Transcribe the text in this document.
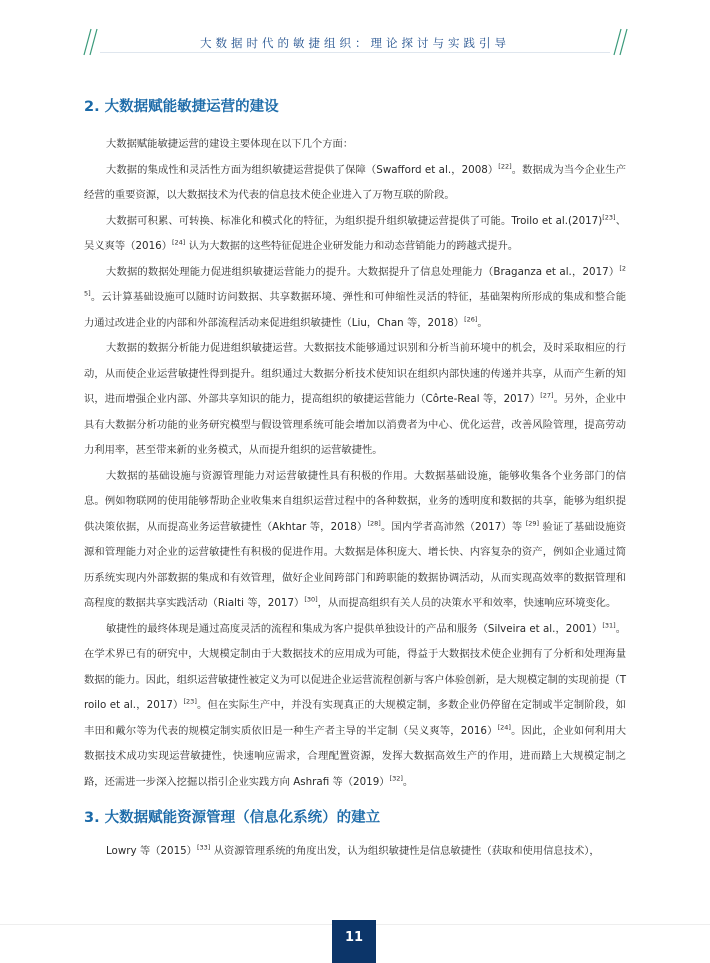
大数据时代的敏捷组织：理论探讨与实践引导
2. 大数据赋能敏捷运营的建设

大数据赋能敏捷运营的建设主要体现在以下几个方面：

大数据的集成性和灵活性方面为组织敏捷运营提供了保障（Swafford et al.，2008）[22]。数据成为当今企业生产经营的重要资源，以大数据技术为代表的信息技术使企业进入了万物互联的阶段。

大数据可积累、可转换、标准化和模式化的特征，为组织提升组织敏捷运营提供了可能。Troilo et al.(2017)[23]、吴义爽等（2016）[24] 认为大数据的这些特征促进企业研发能力和动态营销能力的跨越式提升。

大数据的数据处理能力促进组织敏捷运营能力的提升。大数据提升了信息处理能力（Braganza et al.，2017）[25]。云计算基础设施可以随时访问数据、共享数据环境、弹性和可伸缩性灵活的特征，基础架构所形成的集成和整合能力通过改进企业的内部和外部流程活动来促进组织敏捷性（Liu，Chan 等，2018）[26]。

大数据的数据分析能力促进组织敏捷运营。大数据技术能够通过识别和分析当前环境中的机会，及时采取相应的行动，从而使企业运营敏捷性得到提升。组织通过大数据分析技术使知识在组织内部快速的传递并共享，从而产生新的知识，进而增强企业内部、外部共享知识的能力，提高组织的敏捷运营能力（Côrte-Real 等，2017）[27]。另外，企业中具有大数据分析功能的业务研究模型与假设管理系统可能会增加以消费者为中心、优化运营，改善风险管理，提高劳动力利用率，甚至带来新的业务模式，从而提升组织的运营敏捷性。

大数据的基础设施与资源管理能力对运营敏捷性具有积极的作用。大数据基础设施，能够收集各个业务部门的信息。例如物联网的使用能够帮助企业收集来自组织运营过程中的各种数据，业务的透明度和数据的共享，能够为组织提供决策依据，从而提高业务运营敏捷性（Akhtar 等，2018）[28]。国内学者高沛然（2017）等 [29] 验证了基础设施资源和管理能力对企业的运营敏捷性有积极的促进作用。大数据是体积庞大、增长快、内容复杂的资产，例如企业通过简历系统实现内外部数据的集成和有效管理，做好企业间跨部门和跨职能的数据协调活动，从而实现高效率的数据管理和高程度的数据共享实践活动（Rialti 等，2017）[30]，从而提高组织有关人员的决策水平和效率，快速响应环境变化。

敏捷性的最终体现是通过高度灵活的流程和集成为客户提供单独设计的产品和服务（Silveira et al.，2001）[31]。在学术界已有的研究中，大规模定制由于大数据技术的应用成为可能，得益于大数据技术使企业拥有了分析和处理海量数据的能力。因此，组织运营敏捷性被定义为可以促进企业运营流程创新与客户体验创新，是大规模定制的实现前提（Troilo et al.，2017）[23]。但在实际生产中，并没有实现真正的大规模定制，多数企业仍停留在定制或半定制阶段，如丰田和戴尔等为代表的规模定制实质依旧是一种生产者主导的半定制（吴义爽等，2016）[24]。因此，企业如何利用大数据技术成功实现运营敏捷性，快速响应需求，合理配置资源，发挥大数据高效生产的作用，进而踏上大规模定制之路，还需进一步深入挖掘以指引企业实践方向 Ashrafi 等（2019）[32]。

3. 大数据赋能资源管理（信息化系统）的建立

Lowry 等（2015）[33] 从资源管理系统的角度出发，认为组织敏捷性是信息敏捷性（获取和使用信息技术），

11
